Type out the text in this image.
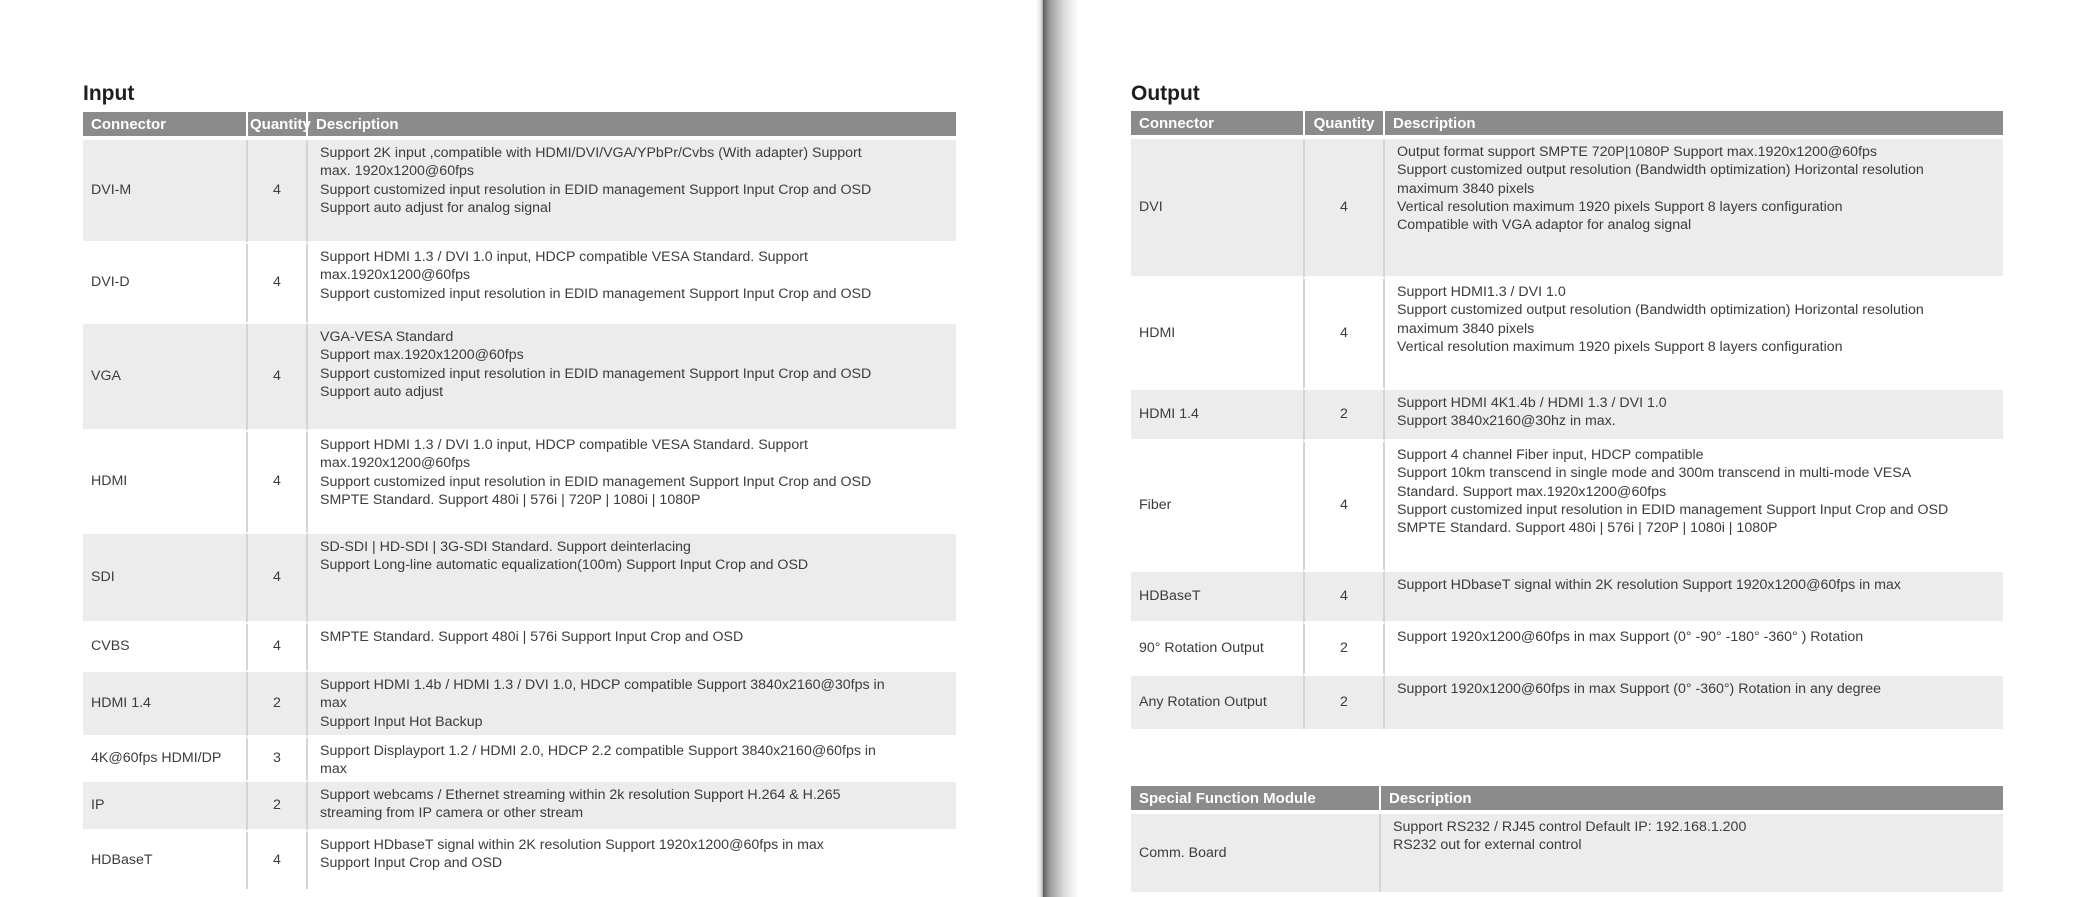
Input
Connector	Quantity	Description
DVI-M	4	Support 2K input ,compatible with HDMI/DVI/VGA/YPbPr/Cvbs (With adapter) Support
max. 1920x1200@60fps
Support customized input resolution in EDID management Support Input Crop and OSD
Support auto adjust for analog signal

DVI-D	4	Support HDMI 1.3 / DVI 1.0 input, HDCP compatible VESA Standard. Support
max.1920x1200@60fps
Support customized input resolution in EDID management Support Input Crop and OSD

VGA	4	VGA-VESA Standard
Support max.1920x1200@60fps
Support customized input resolution in EDID management Support Input Crop and OSD
Support auto adjust

HDMI	4	Support HDMI 1.3 / DVI 1.0 input, HDCP compatible VESA Standard. Support
max.1920x1200@60fps
Support customized input resolution in EDID management Support Input Crop and OSD
SMPTE Standard. Support 480i | 576i | 720P | 1080i | 1080P

SDI	4	SD-SDI | HD-SDI | 3G-SDI Standard. Support deinterlacing
Support Long-line automatic equalization(100m) Support Input Crop and OSD

CVBS	4	SMPTE Standard. Support 480i | 576i Support Input Crop and OSD

HDMI 1.4	2	Support HDMI 1.4b / HDMI 1.3 / DVI 1.0, HDCP compatible Support 3840x2160@30fps in
max
Support Input Hot Backup

4K@60fps HDMI/DP	3	Support Displayport 1.2 / HDMI 2.0, HDCP 2.2 compatible Support 3840x2160@60fps in
max

IP	2	Support webcams / Ethernet streaming within 2k resolution Support H.264 & H.265
streaming from IP camera or other stream

HDBaseT	4	Support HDbaseT signal within 2K resolution Support 1920x1200@60fps in max
Support Input Crop and OSD
Output
Connector	Quantity	Description
DVI	4	Output format support SMPTE 720P|1080P Support max.1920x1200@60fps
Support customized output resolution (Bandwidth optimization) Horizontal resolution
maximum 3840 pixels
Vertical resolution maximum 1920 pixels Support 8 layers configuration
Compatible with VGA adaptor for analog signal

HDMI	4	Support HDMI1.3 / DVI 1.0
Support customized output resolution (Bandwidth optimization) Horizontal resolution
maximum 3840 pixels
Vertical resolution maximum 1920 pixels Support 8 layers configuration

HDMI 1.4	2	Support HDMI 4K1.4b / HDMI 1.3 / DVI 1.0
Support 3840x2160@30hz in max.

Fiber	4	Support 4 channel Fiber input, HDCP compatible
Support 10km transcend in single mode and 300m transcend in multi-mode VESA
Standard. Support max.1920x1200@60fps
Support customized input resolution in EDID management Support Input Crop and OSD
SMPTE Standard. Support 480i | 576i | 720P | 1080i | 1080P

HDBaseT	4	Support HDbaseT signal within 2K resolution Support 1920x1200@60fps in max

90° Rotation Output	2	Support 1920x1200@60fps in max Support (0° -90° -180° -360° ) Rotation

Any Rotation Output	2	Support 1920x1200@60fps in max Support (0° -360°) Rotation in any degree
Special Function Module	Description
Comm. Board	Support RS232 / RJ45 control Default IP: 192.168.1.200
RS232 out for external control
